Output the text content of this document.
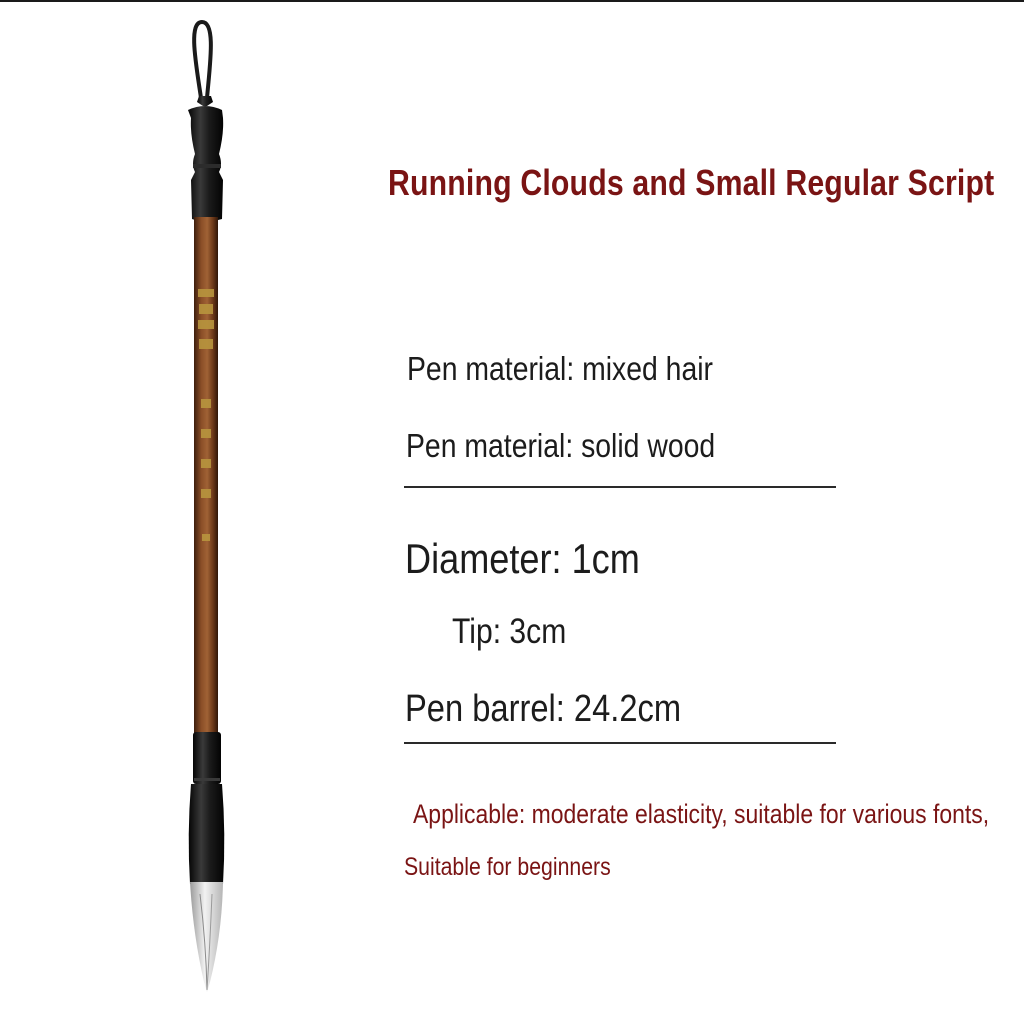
Running Clouds and Small Regular Script

Pen material: mixed hair

Pen material: solid wood

Diameter: 1cm

Tip: 3cm

Pen barrel: 24.2cm

Applicable: moderate elasticity, suitable for various fonts,

Suitable for beginners
